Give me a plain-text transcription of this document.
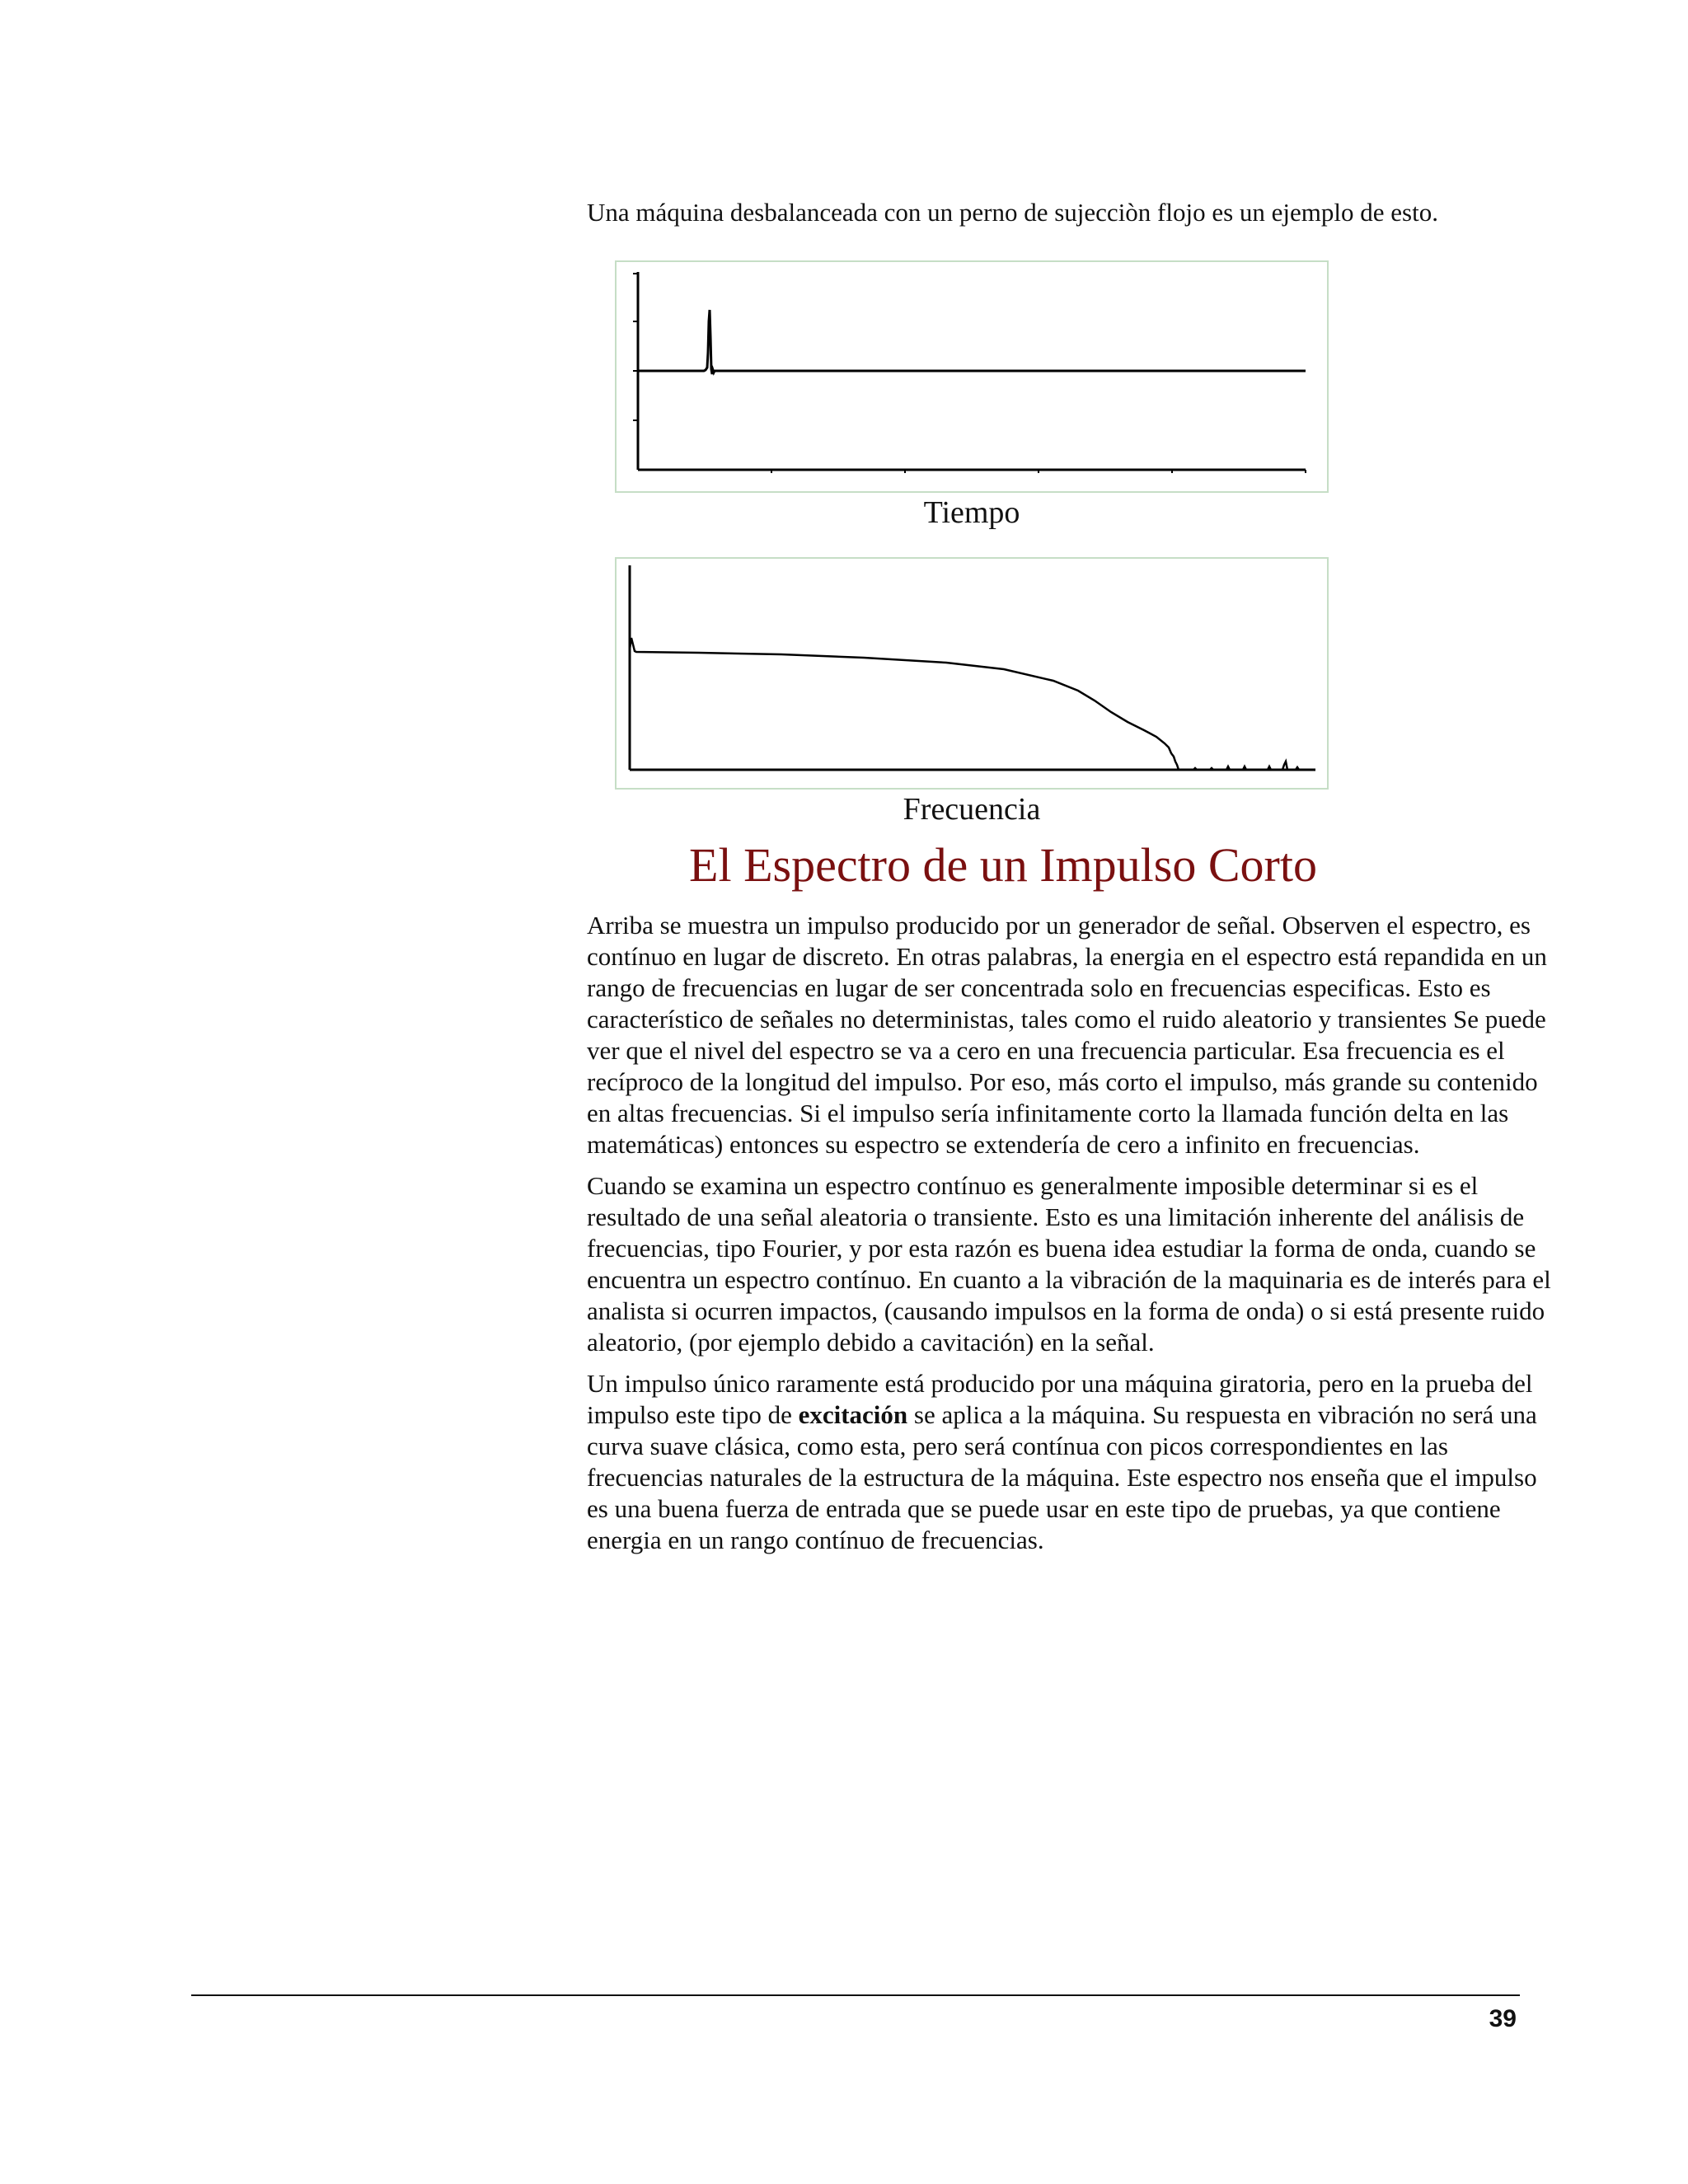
Una máquina desbalanceada con un perno de sujecciòn flojo es un ejemplo de esto.

Tiempo

Frecuencia

El Espectro de un Impulso Corto

Arriba se muestra un impulso producido por un generador de señal. Observen el espectro, es contínuo en lugar de discreto. En otras palabras, la energia en el espectro está repandida en un rango de frecuencias en lugar de ser concentrada solo en frecuencias especificas. Esto es característico de señales no deterministas, tales como el ruido aleatorio y transientes Se puede ver que el nivel del espectro se va a cero en una frecuencia particular. Esa frecuencia es el recíproco de la longitud del impulso. Por eso, más corto el impulso, más grande su contenido en altas frecuencias. Si el impulso sería infinitamente corto la llamada función delta en las matemáticas) entonces su espectro se extendería de cero a infinito en frecuencias.

Cuando se examina un espectro contínuo es generalmente imposible determinar si es el resultado de una señal aleatoria o transiente. Esto es una limitación inherente del análisis de frecuencias, tipo Fourier, y por esta razón es buena idea estudiar la forma de onda, cuando se encuentra un espectro contínuo. En cuanto a la vibración de la maquinaria es de interés para el analista si ocurren impactos, (causando impulsos en la forma de onda) o si está presente ruido aleatorio, (por ejemplo debido a cavitación) en la señal.

Un impulso único raramente está producido por una máquina giratoria, pero en la prueba del impulso este tipo de excitación se aplica a la máquina. Su respuesta en vibración no será una curva suave clásica, como esta, pero será contínua con picos correspondientes en las frecuencias naturales de la estructura de la máquina. Este espectro nos enseña que el impulso es una buena fuerza de entrada que se puede usar en este tipo de pruebas, ya que contiene energia en un rango contínuo de frecuencias.

39
